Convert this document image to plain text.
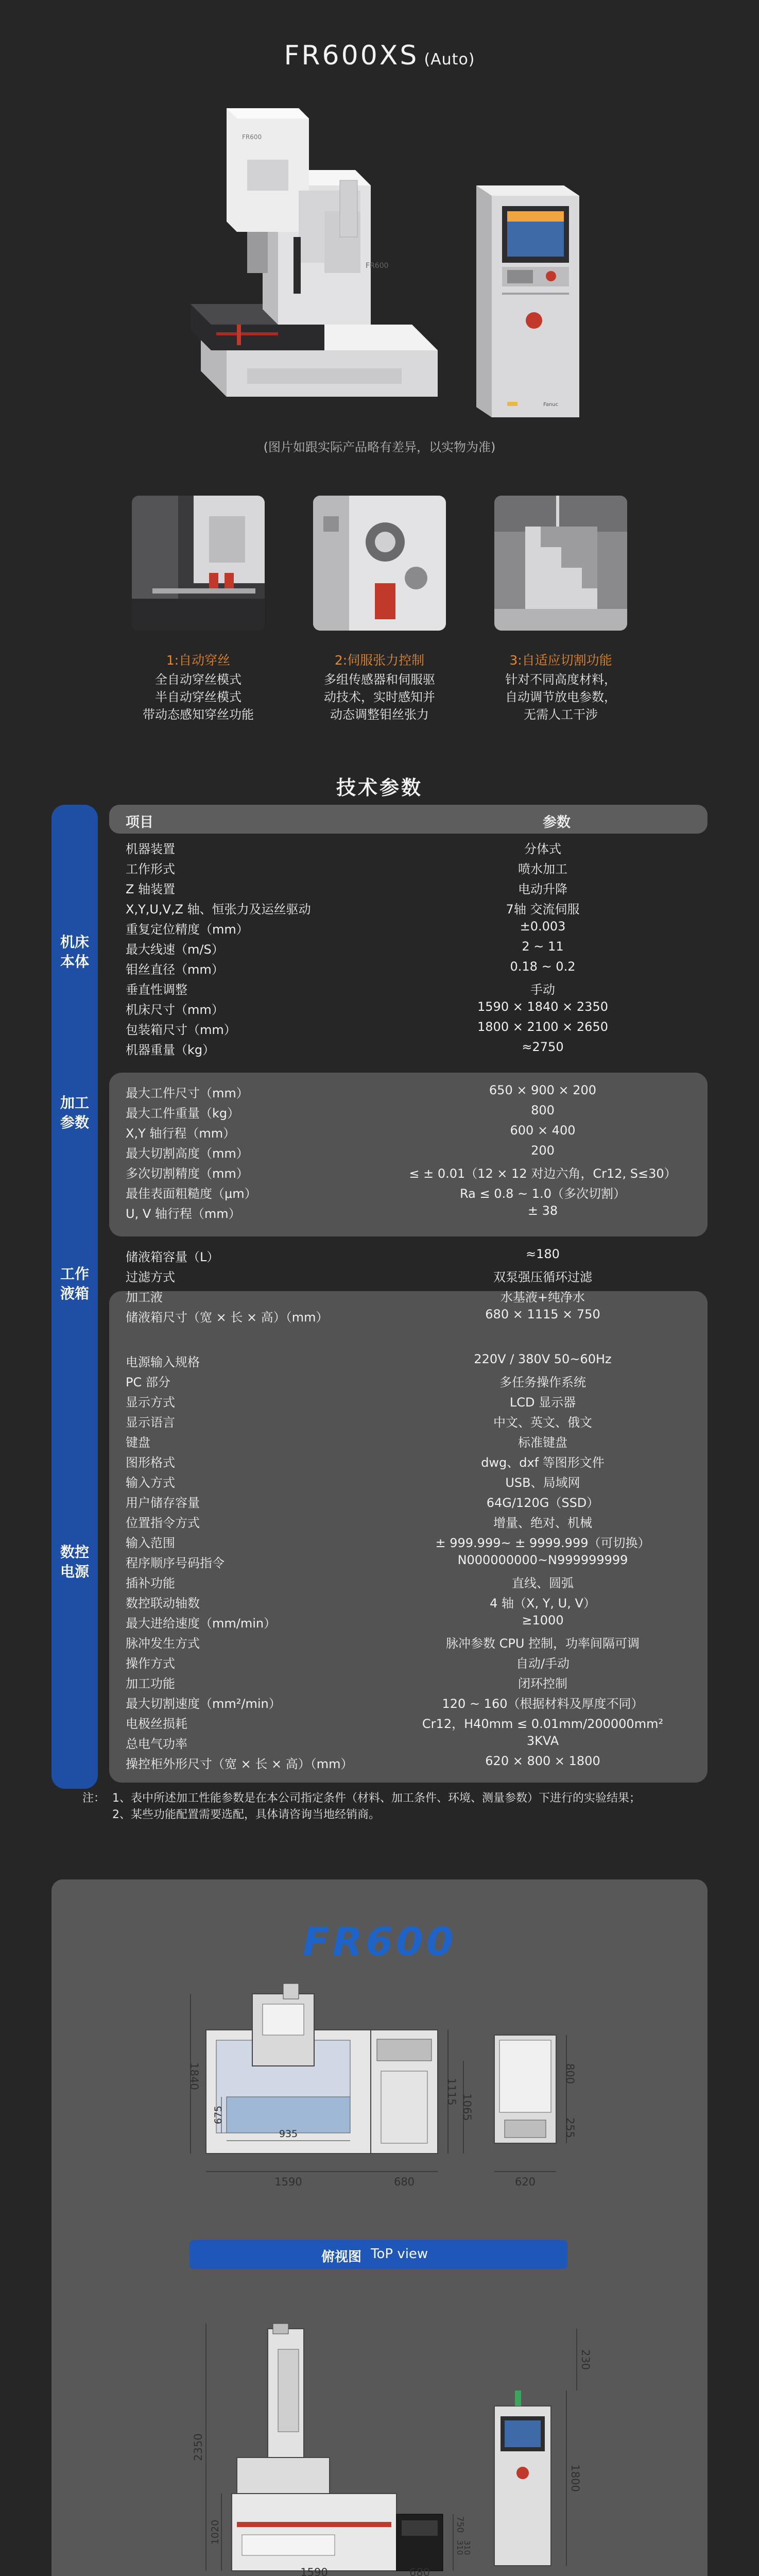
FR600XS (Auto)
FR600
FR600
Fanuc
(图片如跟实际产品略有差异，以实物为准)
1:自动穿丝
全自动穿丝模式
半自动穿丝模式
带动态感知穿丝功能
2:伺服张力控制
多组传感器和伺服驱
动技术，实时感知并
动态调整钼丝张力
3:自适应切割功能
针对不同高度材料，
自动调节放电参数，
无需人工干涉
技术参数
机床
本体
加工
参数
工作
液箱
数控
电源
项目	参数
机器装置	分体式
工作形式	喷水加工
Z 轴装置	电动升降
X,Y,U,V,Z 轴、恒张力及运丝驱动	7轴 交流伺服
重复定位精度（mm）	±0.003
最大线速（m/S）	2 ~ 11
钼丝直径（mm）	0.18 ~ 0.2
垂直性调整	手动
机床尺寸（mm）	1590 × 1840 × 2350
包装箱尺寸（mm）	1800 × 2100 × 2650
机器重量（kg）	≈2750
最大工件尺寸（mm）	650 × 900 × 200
最大工件重量（kg）	800
X,Y 轴行程（mm）	600 × 400
最大切割高度（mm）	200
多次切割精度（mm）	≤ ± 0.01（12 × 12 对边六角，Cr12, S≤30）
最佳表面粗糙度（μm）	Ra ≤ 0.8 ~ 1.0（多次切割）
U, V 轴行程（mm）	± 38
储液箱容量（L）	≈180
过滤方式	双泵强压循环过滤
加工液	水基液+纯净水
储液箱尺寸（宽 × 长 × 高）（mm）	680 × 1115 × 750
电源输入规格	220V / 380V 50~60Hz
PC 部分	多任务操作系统
显示方式	LCD 显示器
显示语言	中文、英文、俄文
键盘	标准键盘
图形格式	dwg、dxf 等图形文件
输入方式	USB、局域网
用户储存容量	64G/120G（SSD）
位置指令方式	增量、绝对、机械
输入范围	± 999.999~ ± 9999.999（可切换）
程序顺序号码指令	N000000000~N999999999
插补功能	直线、圆弧
数控联动轴数	4 轴（X, Y, U, V）
最大进给速度（mm/min）	≥1000
脉冲发生方式	脉冲参数 CPU 控制，功率间隔可调
操作方式	自动/手动
加工功能	闭环控制
最大切割速度（mm²/min）	120 ~ 160（根据材料及厚度不同）
电极丝损耗	Cr12，H40mm ≤ 0.01mm/200000mm²
总电气功率	3KVA
操控柜外形尺寸（宽 × 长 × 高）（mm）	620 × 800 × 1800
注： 1、表中所述加工性能参数是在本公司指定条件（材料、加工条件、环境、测量参数）下进行的实验结果；
2、某些功能配置需要选配，具体请咨询当地经销商。
FR600
1840
935
675
1115
1065
800
255
1590	680	620
俯视图 ToP view
2350
1020
1590	680
230
1800
750
310
310
